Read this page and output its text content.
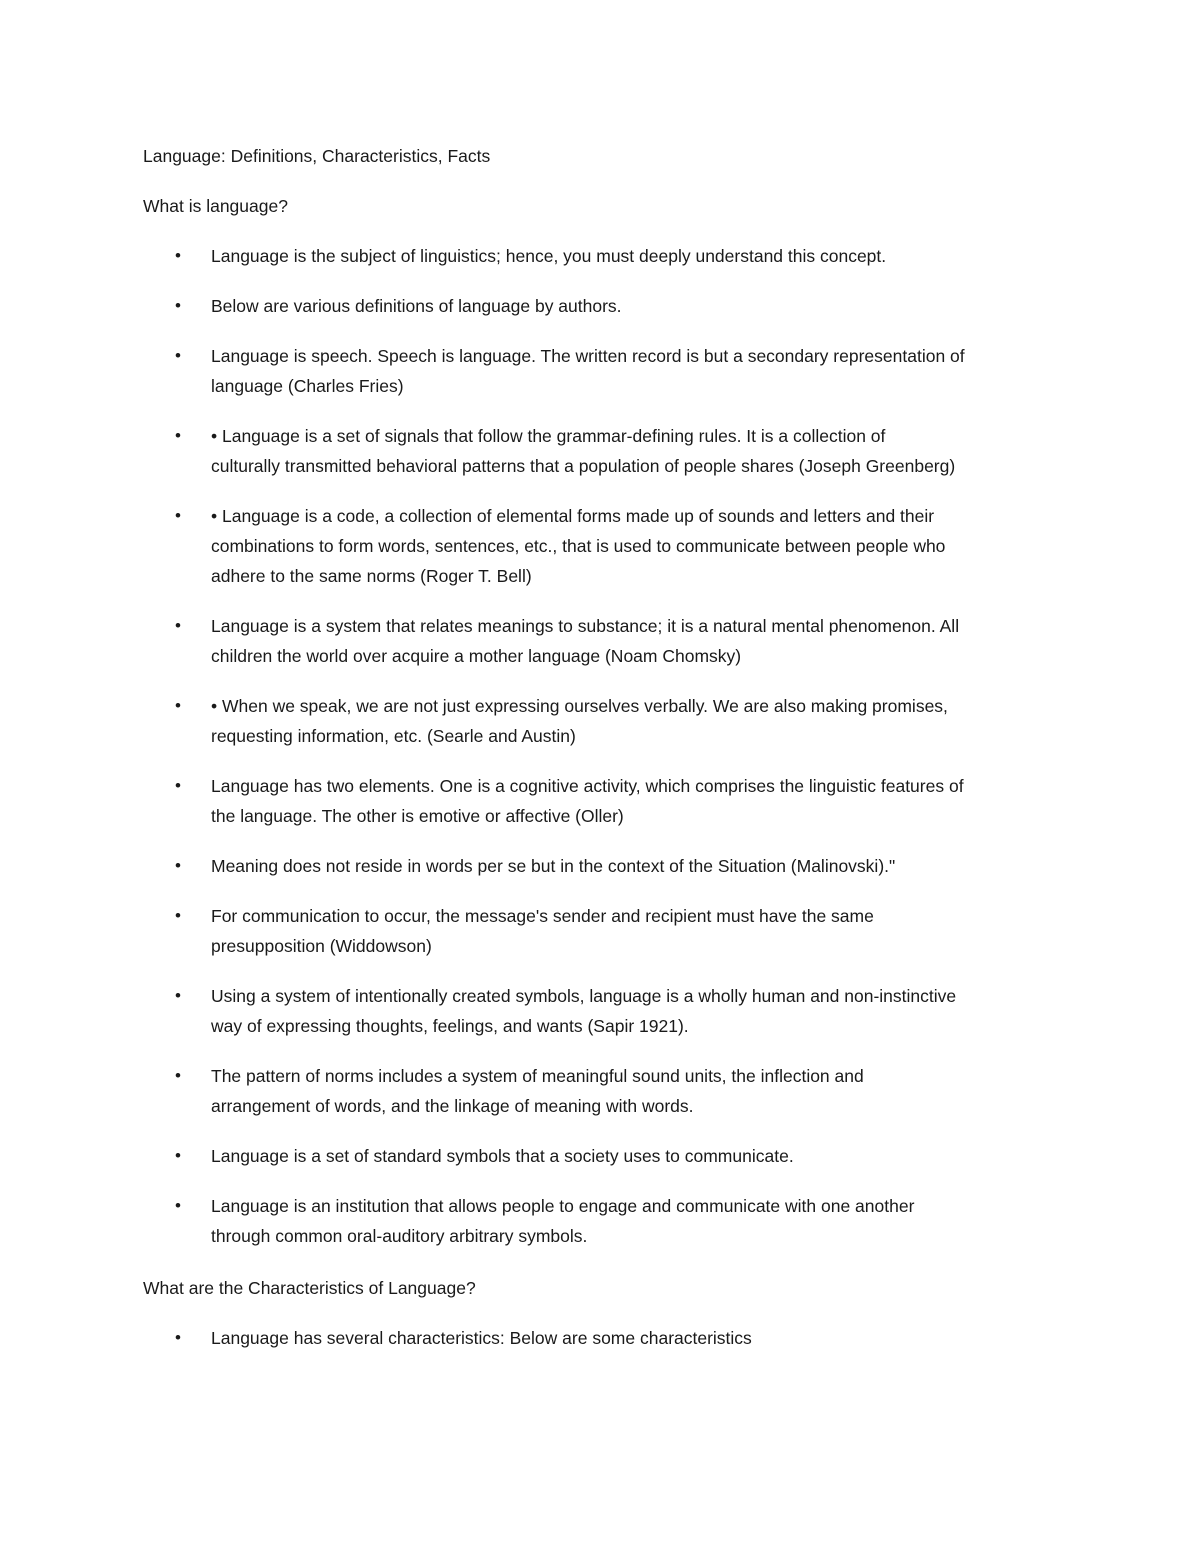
Language: Definitions, Characteristics, Facts

What is language?

• Language is the subject of linguistics; hence, you must deeply understand this concept.
• Below are various definitions of language by authors.
• Language is speech. Speech is language. The written record is but a secondary representation of
language (Charles Fries)
• • Language is a set of signals that follow the grammar-defining rules. It is a collection of
culturally transmitted behavioral patterns that a population of people shares (Joseph Greenberg)
• • Language is a code, a collection of elemental forms made up of sounds and letters and their
combinations to form words, sentences, etc., that is used to communicate between people who
adhere to the same norms (Roger T. Bell)
• Language is a system that relates meanings to substance; it is a natural mental phenomenon. All
children the world over acquire a mother language (Noam Chomsky)
• • When we speak, we are not just expressing ourselves verbally. We are also making promises,
requesting information, etc. (Searle and Austin)
• Language has two elements. One is a cognitive activity, which comprises the linguistic features of
the language. The other is emotive or affective (Oller)
• Meaning does not reside in words per se but in the context of the Situation (Malinovski)."
• For communication to occur, the message's sender and recipient must have the same
presupposition (Widdowson)
• Using a system of intentionally created symbols, language is a wholly human and non-instinctive
way of expressing thoughts, feelings, and wants (Sapir 1921).
• The pattern of norms includes a system of meaningful sound units, the inflection and
arrangement of words, and the linkage of meaning with words.
• Language is a set of standard symbols that a society uses to communicate.
• Language is an institution that allows people to engage and communicate with one another
through common oral-auditory arbitrary symbols.

What are the Characteristics of Language?

• Language has several characteristics: Below are some characteristics
